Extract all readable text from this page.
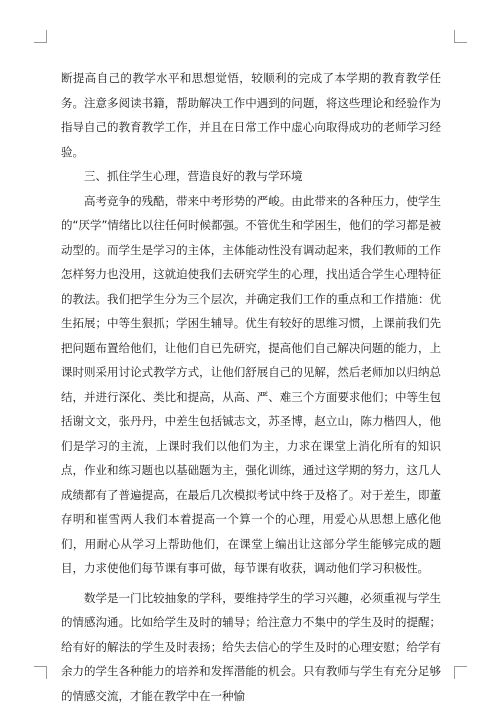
断提高自己的教学水平和思想觉悟，较顺利的完成了本学期的教育教学任务。注意多阅读书籍，帮助解决工作中遇到的问题，将这些理论和经验作为指导自己的教育教学工作，并且在日常工作中虚心向取得成功的老师学习经验。

三、抓住学生心理，营造良好的教与学环境

高考竞争的残酷，带来中考形势的严峻。由此带来的各种压力，使学生的“厌学”情绪比以往任何时候都强。不管优生和学困生，他们的学习都是被动型的。而学生是学习的主体，主体能动性没有调动起来，我们教师的工作怎样努力也没用，这就迫使我们去研究学生的心理，找出适合学生心理特征的教法。我们把学生分为三个层次，并确定我们工作的重点和工作措施：优生拓展；中等生狠抓；学困生辅导。优生有较好的思维习惯，上课前我们先把问题布置给他们，让他们自已先研究，提高他们自己解决问题的能力，上课时则采用讨论式教学方式，让他们舒展自己的见解，然后老师加以归纳总结，并进行深化、类比和提高，从高、严、难三个方面要求他们；中等生包括谢文文，张丹丹，中差生包括铖志文，苏圣博，赵立山，陈力楷四人，他们是学习的主流，上课时我们以他们为主，力求在课堂上消化所有的知识点，作业和练习题也以基础题为主，强化训练，通过这学期的努力，这几人成绩都有了普遍提高，在最后几次模拟考试中终于及格了。对于差生，即董存明和崔雪两人我们本着提高一个算一个的心理，用爱心从思想上感化他们，用耐心从学习上帮助他们，在课堂上编出让这部分学生能够完成的题目，力求使他们每节课有事可做，每节课有收获，调动他们学习积极性。

数学是一门比较抽象的学科，要维持学生的学习兴趣，必须重视与学生的情感沟通。比如给学生及时的辅导；给注意力不集中的学生及时的提醒；给有好的解法的学生及时表扬；给失去信心的学生及时的心理安慰；给学有余力的学生各种能力的培养和发挥潜能的机会。只有教师与学生有充分足够的情感交流，才能在教学中在一种愉
